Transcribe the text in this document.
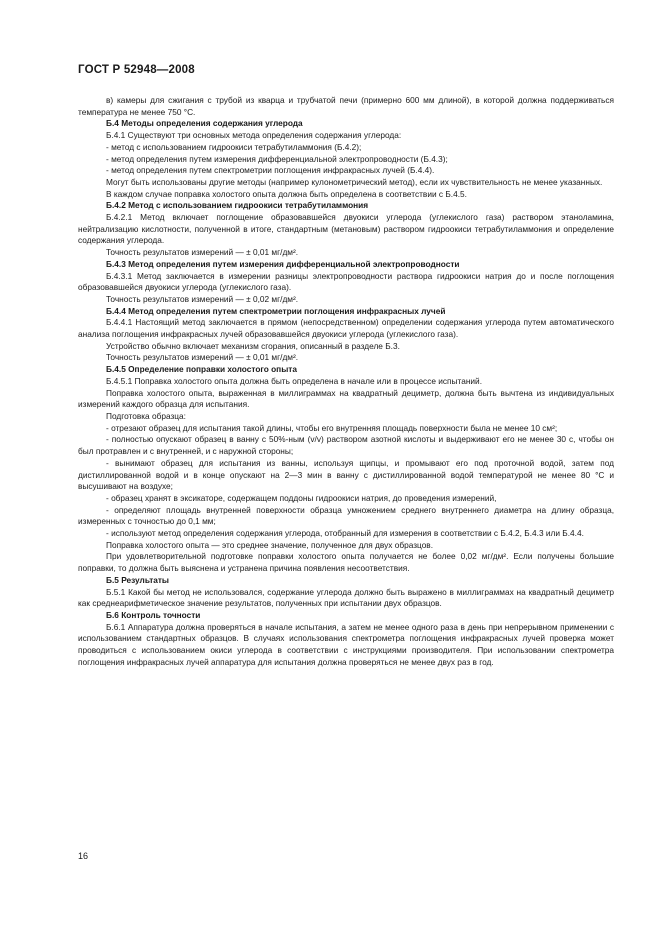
ГОСТ Р 52948—2008

в) камеры для сжигания с трубой из кварца и трубчатой печи (примерно 600 мм длиной), в которой должна поддерживаться температура не менее 750 °С.

Б.4 Методы определения содержания углерода

Б.4.1 Существуют три основных метода определения содержания углерода:

- метод с использованием гидроокиси тетрабутиламмония (Б.4.2);

- метод определения путем измерения дифференциальной электропроводности (Б.4.3);

- метод определения путем спектрометрии поглощения инфракрасных лучей (Б.4.4).

Могут быть использованы другие методы (например кулонометрический метод), если их чувствительность не менее указанных.

В каждом случае поправка холостого опыта должна быть определена в соответствии с Б.4.5.

Б.4.2 Метод с использованием гидроокиси тетрабутиламмония

Б.4.2.1 Метод включает поглощение образовавшейся двуокиси углерода (углекислого газа) раствором этаноламина, нейтрализацию кислотности, полученной в итоге, стандартным (метановым) раствором гидроокиси тетрабутиламмония и определение содержания углерода.

Точность результатов измерений — ± 0,01 мг/дм².

Б.4.3 Метод определения путем измерения дифференциальной электропроводности

Б.4.3.1 Метод заключается в измерении разницы электропроводности раствора гидроокиси натрия до и после поглощения образовавшейся двуокиси углерода (углекислого газа).

Точность результатов измерений — ± 0,02 мг/дм².

Б.4.4 Метод определения путем спектрометрии поглощения инфракрасных лучей

Б.4.4.1 Настоящий метод заключается в прямом (непосредственном) определении содержания углерода путем автоматического анализа поглощения инфракрасных лучей образовавшейся двуокиси углерода (углекислого газа).

Устройство обычно включает механизм сгорания, описанный в разделе Б.3.

Точность результатов измерений — ± 0,01 мг/дм².

Б.4.5 Определение поправки холостого опыта

Б.4.5.1 Поправка холостого опыта должна быть определена в начале или в процессе испытаний.

Поправка холостого опыта, выраженная в миллиграммах на квадратный дециметр, должна быть вычтена из индивидуальных измерений каждого образца для испытания.

Подготовка образца:

- отрезают образец для испытания такой длины, чтобы его внутренняя площадь поверхности была не менее 10 см²;

- полностью опускают образец в ванну с 50%-ным (v/v) раствором азотной кислоты и выдерживают его не менее 30 с, чтобы он был протравлен и с внутренней, и с наружной стороны;

- вынимают образец для испытания из ванны, используя щипцы, и промывают его под проточной водой, затем под дистиллированной водой и в конце опускают на 2—3 мин в ванну с дистиллированной водой температурой не менее 80 °С и высушивают на воздухе;

- образец хранят в эксикаторе, содержащем поддоны гидроокиси натрия, до проведения измерений,

- определяют площадь внутренней поверхности образца умножением среднего внутреннего диаметра на длину образца, измеренных с точностью до 0,1 мм;

- используют метод определения содержания углерода, отобранный для измерения в соответствии с Б.4.2, Б.4.3 или Б.4.4.

Поправка холостого опыта — это среднее значение, полученное для двух образцов.

При удовлетворительной подготовке поправки холостого опыта получается не более 0,02 мг/дм². Если получены большие поправки, то должна быть выяснена и устранена причина появления несоответствия.

Б.5 Результаты

Б.5.1 Какой бы метод не использовался, содержание углерода должно быть выражено в миллиграммах на квадратный дециметр как среднеарифметическое значение результатов, полученных при испытании двух образцов.

Б.6 Контроль точности

Б.6.1 Аппаратура должна проверяться в начале испытания, а затем не менее одного раза в день при непрерывном применении с использованием стандартных образцов. В случаях использования спектрометра поглощения инфракрасных лучей проверка может проводиться с использованием окиси углерода в соответствии с инструкциями производителя. При использовании спектрометра поглощения инфракрасных лучей аппаратура для испытания должна проверяться не менее двух раз в год.

16
